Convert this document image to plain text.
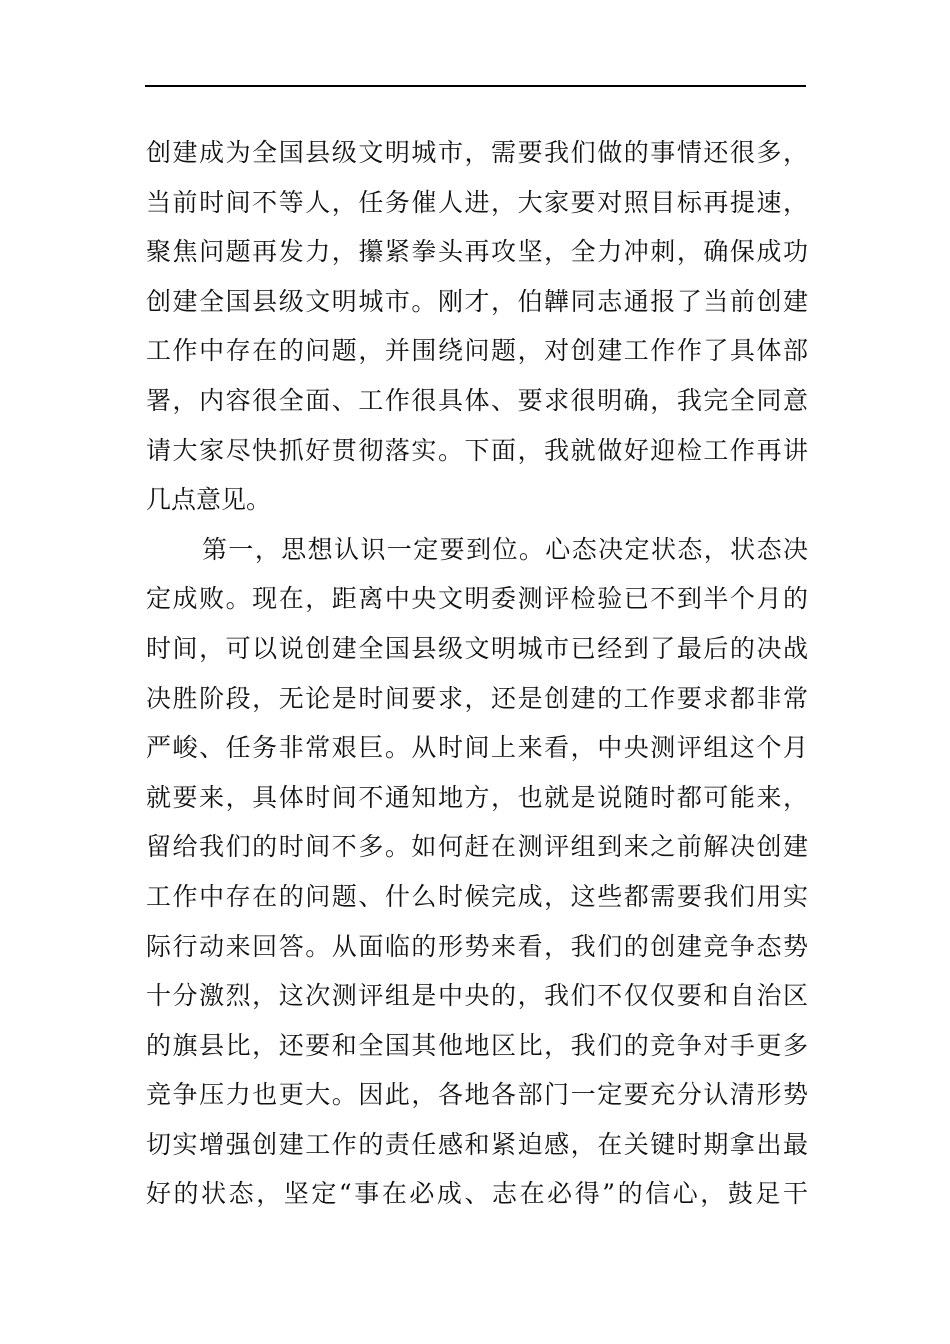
创建成为全国县级文明城市，需要我们做的事情还很多，
当前时间不等人，任务催人进，大家要对照目标再提速，
聚焦问题再发力，攥紧拳头再攻坚，全力冲刺，确保成功
创建全国县级文明城市。刚才，伯韡同志通报了当前创建
工作中存在的问题，并围绕问题，对创建工作作了具体部
署，内容很全面、工作很具体、要求很明确，我完全同意
请大家尽快抓好贯彻落实。下面，我就做好迎检工作再讲
几点意见。
第一，思想认识一定要到位。心态决定状态，状态决
定成败。现在，距离中央文明委测评检验已不到半个月的
时间，可以说创建全国县级文明城市已经到了最后的决战
决胜阶段，无论是时间要求，还是创建的工作要求都非常
严峻、任务非常艰巨。从时间上来看，中央测评组这个月
就要来，具体时间不通知地方，也就是说随时都可能来，
留给我们的时间不多。如何赶在测评组到来之前解决创建
工作中存在的问题、什么时候完成，这些都需要我们用实
际行动来回答。从面临的形势来看，我们的创建竞争态势
十分激烈，这次测评组是中央的，我们不仅仅要和自治区
的旗县比，还要和全国其他地区比，我们的竞争对手更多
竞争压力也更大。因此，各地各部门一定要充分认清形势
切实增强创建工作的责任感和紧迫感，在关键时期拿出最
好的状态，坚定“事在必成、志在必得”的信心，鼓足干
